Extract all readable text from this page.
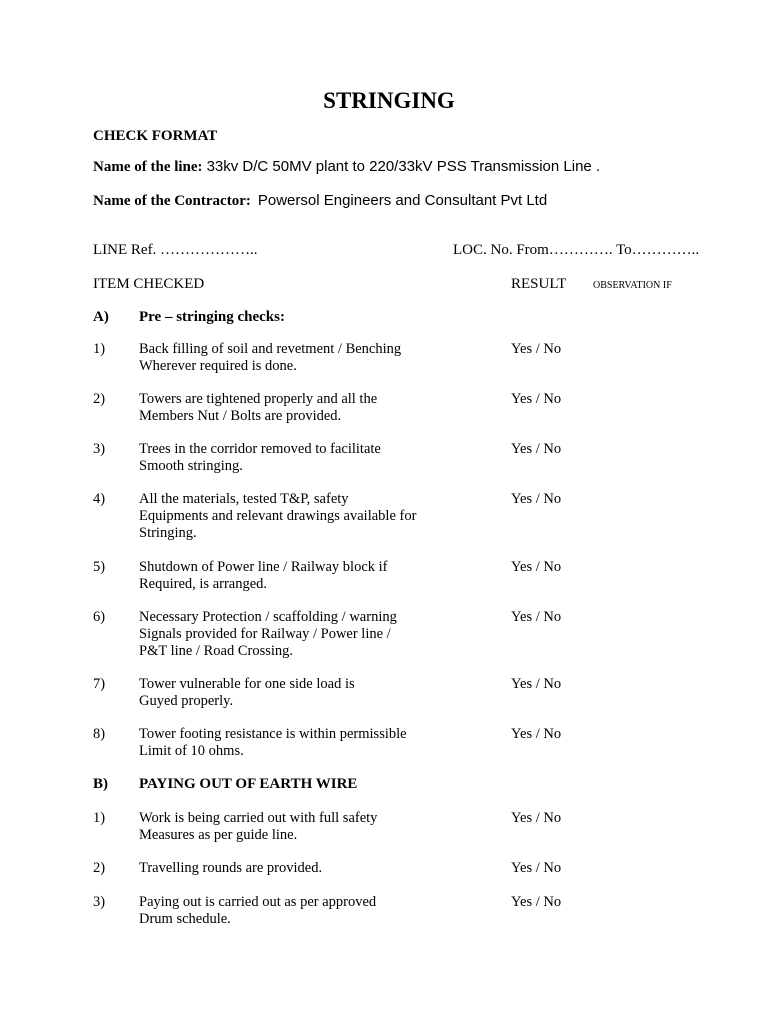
STRINGING
CHECK FORMAT
Name of the line: 33kv D/C 50MV plant to 220/33kV PSS Transmission Line .
Name of the Contractor: Powersol Engineers and Consultant Pvt Ltd
LINE Ref. ………………..	LOC. No. From…………. To…………..
ITEM CHECKED	RESULT	OBSERVATION IF
A) Pre – stringing checks:
1) Back filling of soil and revetment / Benching
Wherever required is done.
Yes / No
2) Towers are tightened properly and all the
Members Nut / Bolts are provided.
Yes / No
3) Trees in the corridor removed to facilitate
Smooth stringing.
Yes / No
4) All the materials, tested T&P, safety
Equipments and relevant drawings available for
Stringing.
Yes / No
5) Shutdown of Power line / Railway block if
Required, is arranged.
Yes / No
6) Necessary Protection / scaffolding / warning
Signals provided for Railway / Power line /
P&T line / Road Crossing.
Yes / No
7) Tower vulnerable for one side load is
Guyed properly.
Yes / No
8) Tower footing resistance is within permissible
Limit of 10 ohms.
Yes / No
B) PAYING OUT OF EARTH WIRE
1) Work is being carried out with full safety
Measures as per guide line.
Yes / No
2) Travelling rounds are provided.	Yes / No
3) Paying out is carried out as per approved
Drum schedule.
Yes / No
